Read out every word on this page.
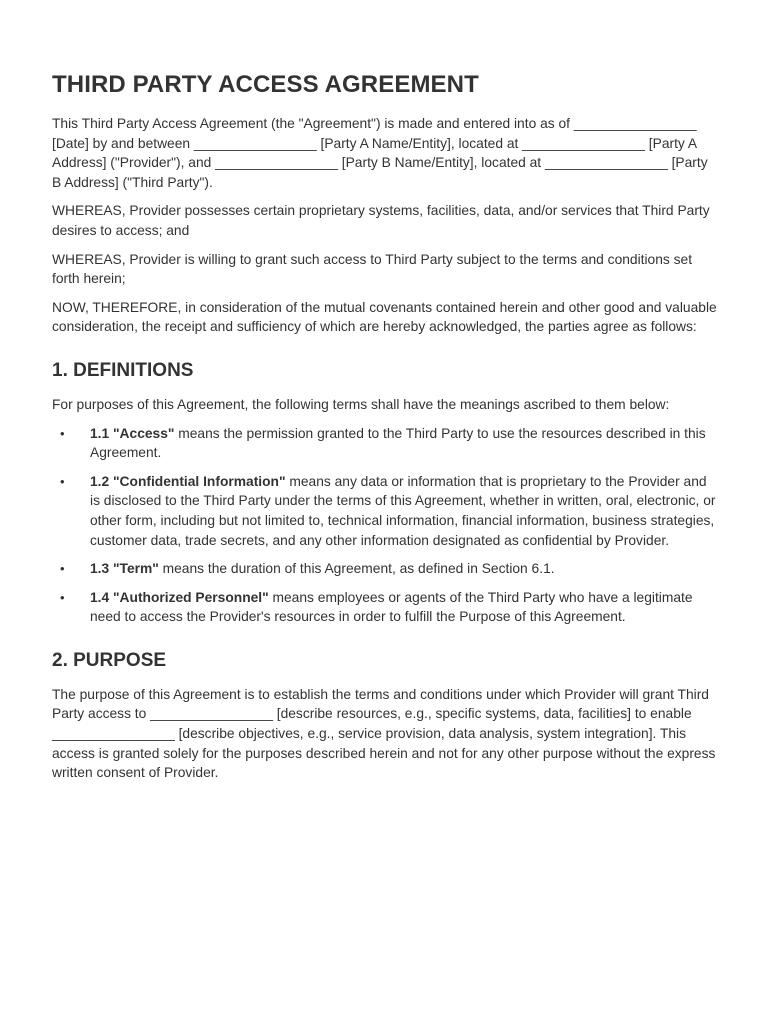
THIRD PARTY ACCESS AGREEMENT

This Third Party Access Agreement (the "Agreement") is made and entered into as of ________________ [Date] by and between ________________ [Party A Name/Entity], located at ________________ [Party A Address] ("Provider"), and ________________ [Party B Name/Entity], located at ________________ [Party B Address] ("Third Party").

WHEREAS, Provider possesses certain proprietary systems, facilities, data, and/or services that Third Party desires to access; and

WHEREAS, Provider is willing to grant such access to Third Party subject to the terms and conditions set forth herein;

NOW, THEREFORE, in consideration of the mutual covenants contained herein and other good and valuable consideration, the receipt and sufficiency of which are hereby acknowledged, the parties agree as follows:

1. DEFINITIONS

For purposes of this Agreement, the following terms shall have the meanings ascribed to them below:

• 1.1 "Access" means the permission granted to the Third Party to use the resources described in this Agreement.
• 1.2 "Confidential Information" means any data or information that is proprietary to the Provider and is disclosed to the Third Party under the terms of this Agreement, whether in written, oral, electronic, or other form, including but not limited to, technical information, financial information, business strategies, customer data, trade secrets, and any other information designated as confidential by Provider.
• 1.3 "Term" means the duration of this Agreement, as defined in Section 6.1.
• 1.4 "Authorized Personnel" means employees or agents of the Third Party who have a legitimate need to access the Provider's resources in order to fulfill the Purpose of this Agreement.
2. PURPOSE

The purpose of this Agreement is to establish the terms and conditions under which Provider will grant Third Party access to ________________ [describe resources, e.g., specific systems, data, facilities] to enable ________________ [describe objectives, e.g., service provision, data analysis, system integration]. This access is granted solely for the purposes described herein and not for any other purpose without the express written consent of Provider.
